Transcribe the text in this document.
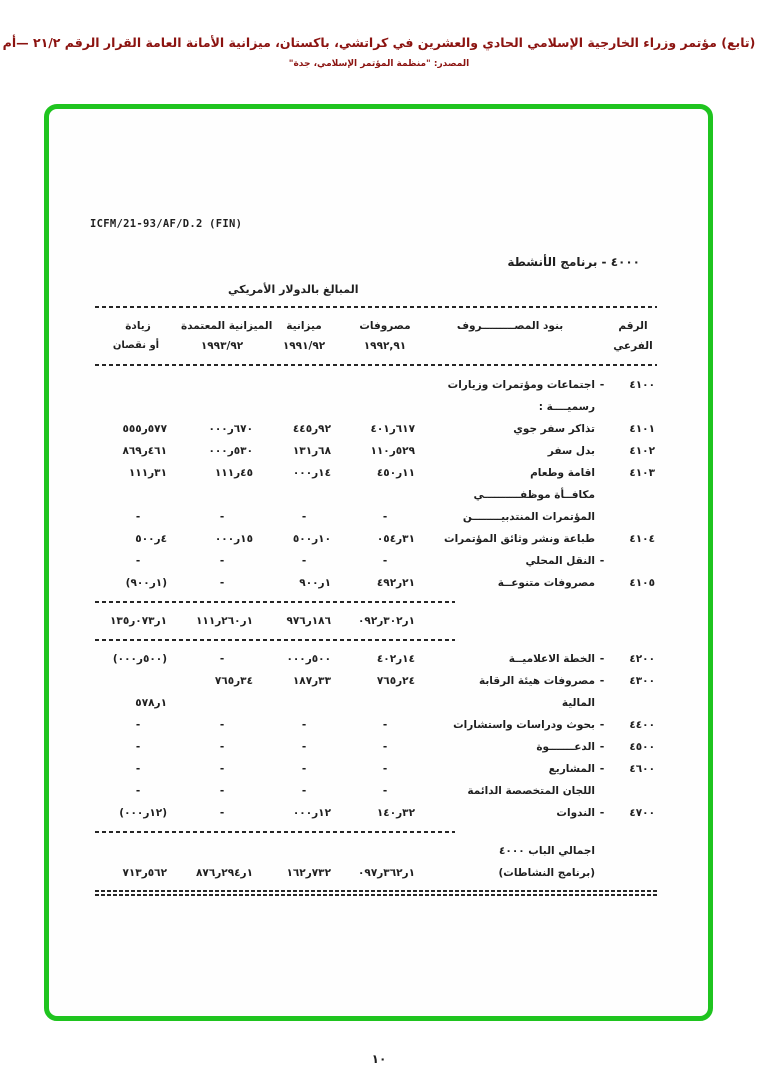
(تابع) مؤتمر وزراء الخارجية الإسلامي الحادي والعشرين في كراتشي، باكستان، ميزانية الأمانة العامة القرار الرقم ٢١/٢ —أم
المصدر: "منظمة المؤتمر الإسلامي، جدة"
ICFM/21-93/AF/D.2 (FIN)
٤٠٠٠ - برنامج الأنشطة
المبالغ بالدولار الأمريكي
الرقم
بنود المصـــــــــروف
مصروفات
ميزانية
الميزانية المعتمدة
زيادة
الفرعي
١٩٩٢,٩١
١٩٩١/٩٢
١٩٩٣/٩٢
أو نقصان
٤١٠٠
-
اجتماعات ومؤتمرات وزيارات
رسميــــة :
٤١٠١
تذاكر سفر جوي
٦١٧ر٤٠١
٩٢ر٤٤٥
٦٧٠ر٠٠٠
٥٧٧ر٥٥٥
٤١٠٢
بدل سفر
٥٢٩ر١١٠
٦٨ر١٣١
٥٣٠ر٠٠٠
٤٦١ر٨٦٩
٤١٠٣
اقامة وطعام
١١ر٤٥٠
١٤ر٠٠٠
٤٥ر١١١
٣١ر١١١
مكافــأة موظفــــــــــي
المؤتمرات المنتدبيــــــــن
-
-
-
-
٤١٠٤
طباعة ونشر وثائق المؤتمرات
٣١ر٠٥٤
١٠ر٥٠٠
١٥ر٠٠٠
٤ر٥٠٠
-
النقل المحلي
-
-
-
-
٤١٠٥
مصروفات متنوعــة
٢١ر٤٩٢
١ر٩٠٠
-
(١ر٩٠٠)
١ر٣٠٢ر٠٩٢
١٨٦ر٩٧٦
١ر٢٦٠ر١١١
١ر٠٧٣ر١٣٥
٤٢٠٠
-
الخطة الاعلاميــة
١٤ر٤٠٢
٥٠٠ر٠٠٠
-
(٥٠٠ر٠٠٠)
٤٣٠٠
-
مصروفات هيئة الرقابة
٢٤ر٧٦٥
٣٣ر١٨٧
٣٤ر٧٦٥
المالية
١ر٥٧٨
٤٤٠٠
-
بحوث ودراسات واستشارات
-
-
-
-
٤٥٠٠
-
الدعـــــــوة
-
-
-
-
٤٦٠٠
-
المشاريع
-
-
-
-
اللجان المتخصصة الدائمة
-
-
-
-
٤٧٠٠
-
الندوات
٣٢ر١٤٠
١٢ر٠٠٠
-
(١٢ر٠٠٠)
اجمالي الباب ٤٠٠٠
(برنامج النشاطات)
١ر٣٦٢ر٠٩٧
٧٣٢ر١٦٢
١ر٢٩٤ر٨٧٦
٥٦٢ر٧١٣
١٠
